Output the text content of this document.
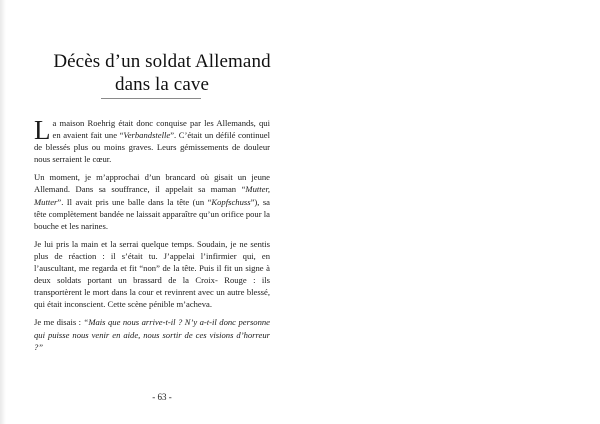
Décès d’un soldat Allemand
dans la cave

La maison Roehrig était donc conquise par les Allemands, qui en avaient fait une “Verbandstelle”. C’était un défilé continuel de blessés plus ou moins graves. Leurs gémissements de douleur nous serraient le cœur.

Un moment, je m’approchai d’un brancard où gisait un jeune Allemand. Dans sa souffrance, il appelait sa maman “Mutter, Mutter”. Il avait pris une balle dans la tête (un “Kopfschuss”), sa tête complètement bandée ne laissait apparaître qu’un orifice pour la bouche et les narines.

Je lui pris la main et la serrai quelque temps. Soudain, je ne sentis plus de réaction : il s’était tu. J’appelai l’infirmier qui, en l’auscultant, me regarda et fit “non” de la tête. Puis il fit un signe à deux soldats portant un brassard de la Croix- Rouge : ils transportèrent le mort dans la cour et revinrent avec un autre blessé, qui était inconscient. Cette scène pénible m’acheva.

Je me disais : “Mais que nous arrive-t-il ? N’y a-t-il donc personne qui puisse nous venir en aide, nous sortir de ces visions d’horreur ?”

- 63 -
